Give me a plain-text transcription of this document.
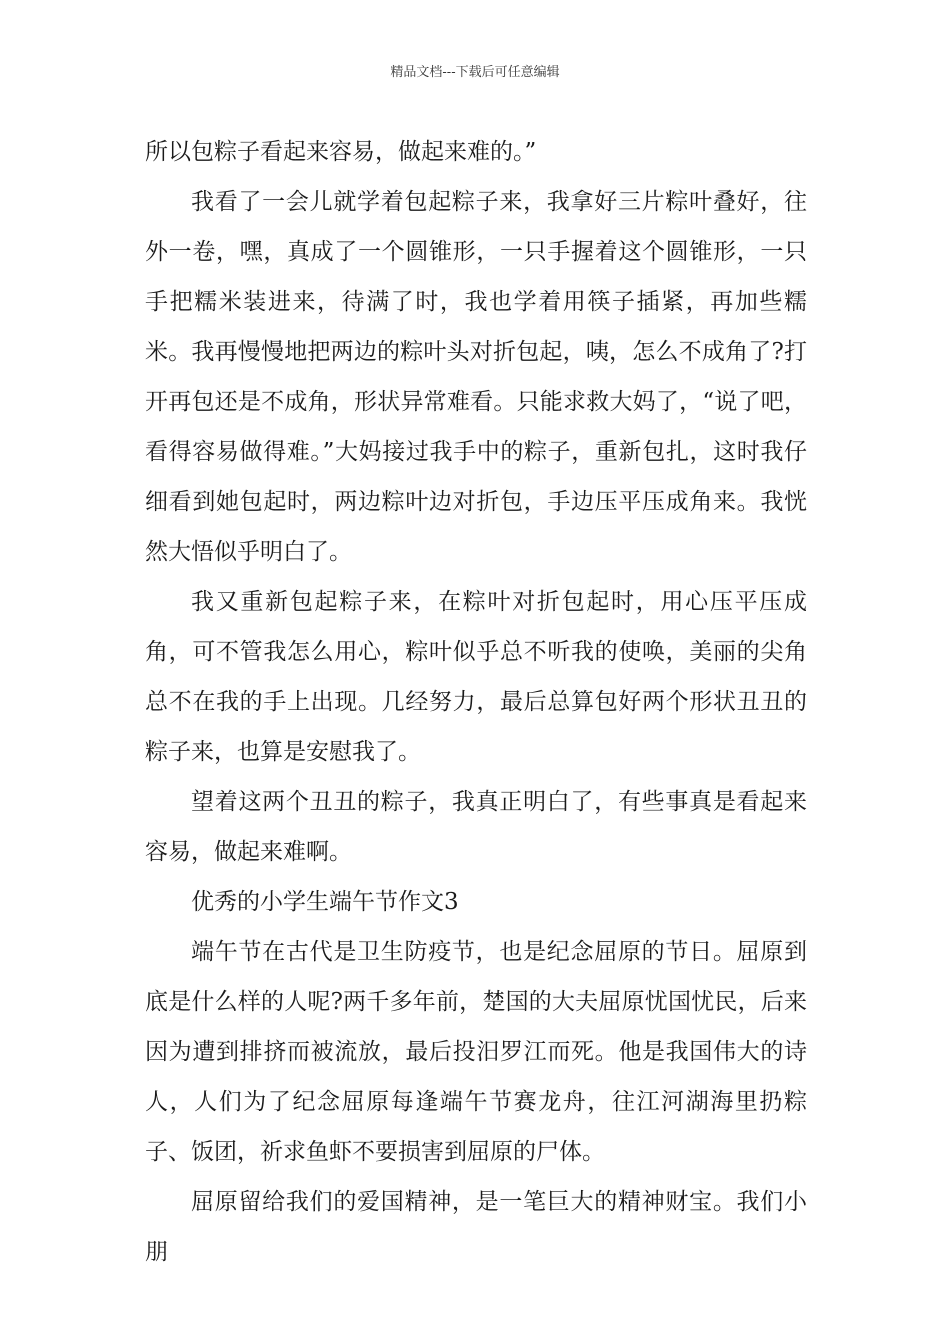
精品文档---下载后可任意编辑

所以包粽子看起来容易，做起来难的。”

我看了一会儿就学着包起粽子来，我拿好三片粽叶叠好，往外一卷，嘿，真成了一个圆锥形，一只手握着这个圆锥形，一只手把糯米装进来，待满了时，我也学着用筷子插紧，再加些糯米。我再慢慢地把两边的粽叶头对折包起，咦，怎么不成角了?打开再包还是不成角，形状异常难看。只能求救大妈了，“说了吧，看得容易做得难。”大妈接过我手中的粽子，重新包扎，这时我仔细看到她包起时，两边粽叶边对折包，手边压平压成角来。我恍然大悟似乎明白了。

我又重新包起粽子来，在粽叶对折包起时，用心压平压成角，可不管我怎么用心，粽叶似乎总不听我的使唤，美丽的尖角总不在我的手上出现。几经努力，最后总算包好两个形状丑丑的粽子来，也算是安慰我了。

望着这两个丑丑的粽子，我真正明白了，有些事真是看起来容易，做起来难啊。

优秀的小学生端午节作文3

端午节在古代是卫生防疫节，也是纪念屈原的节日。屈原到底是什么样的人呢?两千多年前，楚国的大夫屈原忧国忧民，后来因为遭到排挤而被流放，最后投汨罗江而死。他是我国伟大的诗人，人们为了纪念屈原每逢端午节赛龙舟，往江河湖海里扔粽子、饭团，祈求鱼虾不要损害到屈原的尸体。

屈原留给我们的爱国精神，是一笔巨大的精神财宝。我们小朋
